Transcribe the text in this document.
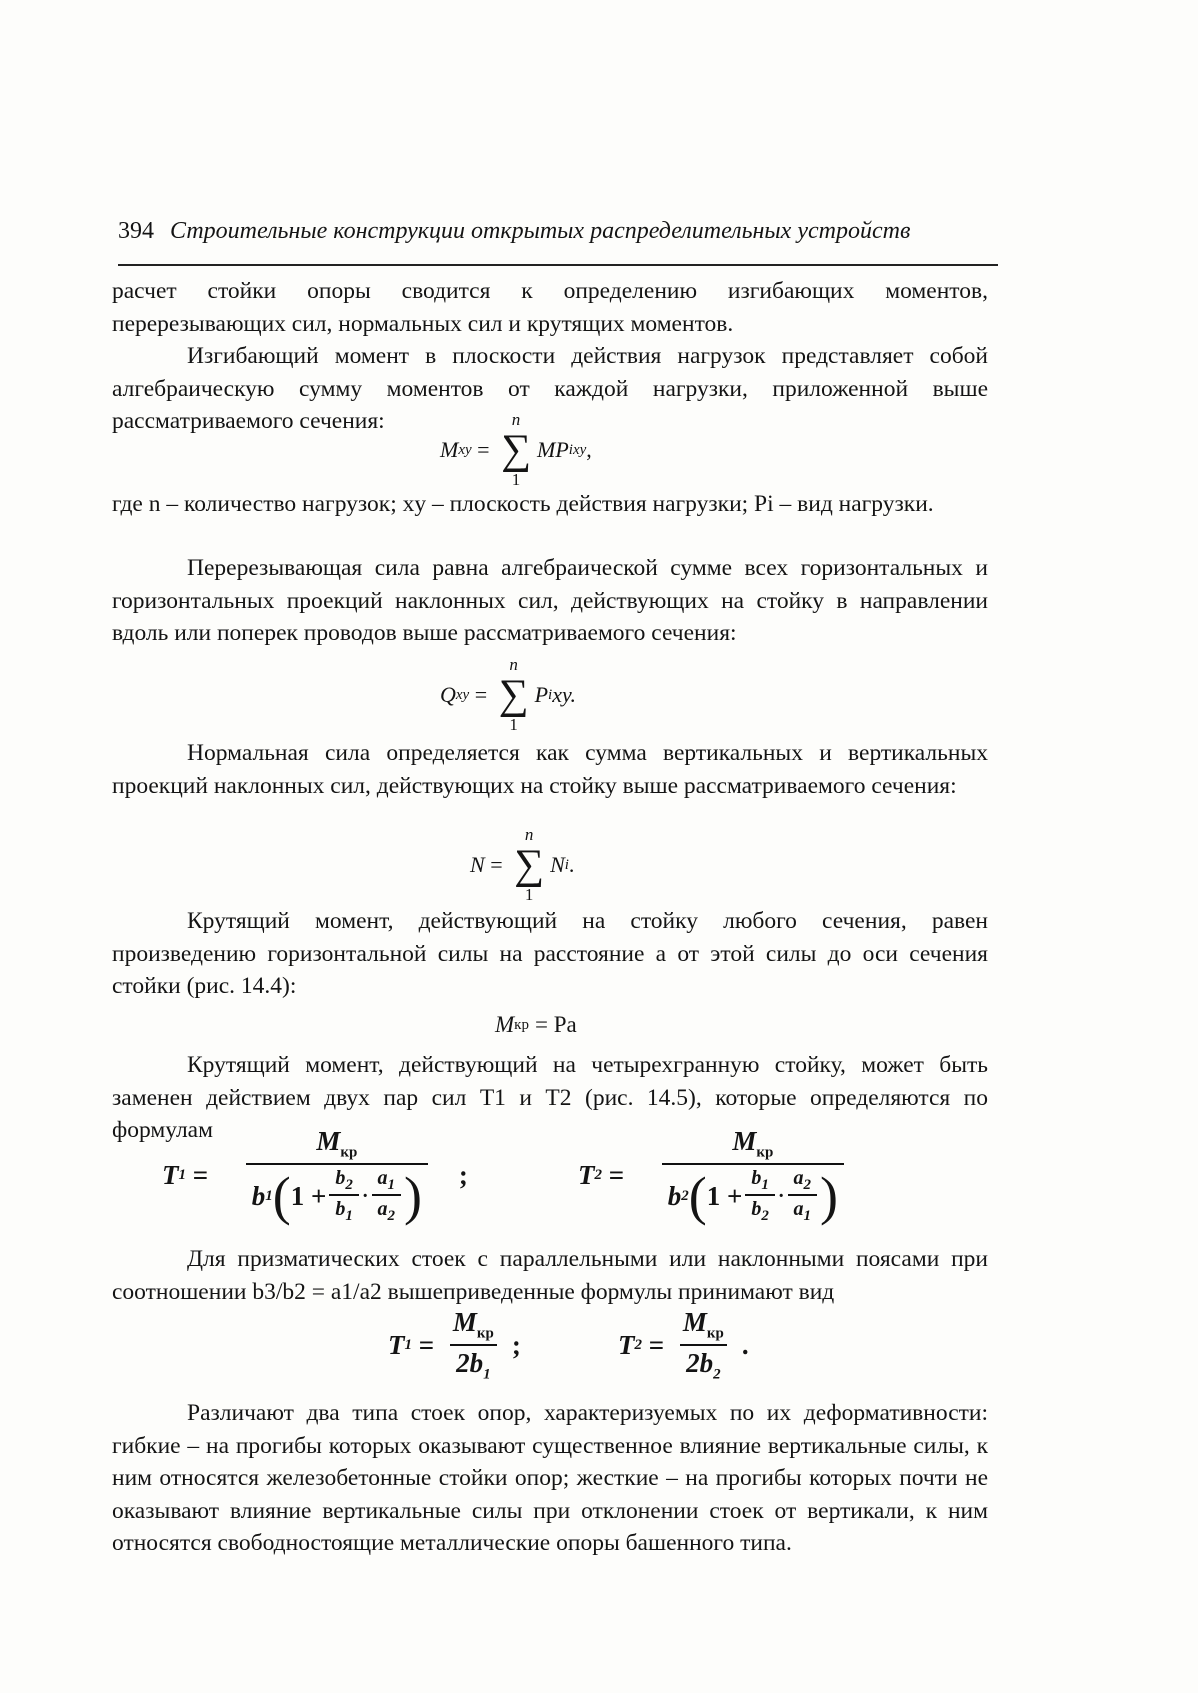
394 Строительные конструкции открытых распределительных устройств
расчет стойки опоры сводится к определению изгибающих моментов, перерезывающих сил, нормальных сил и крутящих моментов.
Изгибающий момент в плоскости действия нагрузок представляет собой алгебраическую сумму моментов от каждой нагрузки, приложенной выше рассматриваемого сечения:
M xy =
n
∑
1
MP ixy ,
где n – количество нагрузок; xy – плоскость действия нагрузки; Pi – вид нагрузки.
Перерезывающая сила равна алгебраической сумме всех горизонтальных и горизонтальных проекций наклонных сил, действующих на стойку в направлении вдоль или поперек проводов выше рассматриваемого сечения:
Q xy =
n
∑
1
P i xy.
Нормальная сила определяется как сумма вертикальных и вертикальных проекций наклонных сил, действующих на стойку выше рассматриваемого сечения:
N =
n
∑
1
N i .
Крутящий момент, действующий на стойку любого сечения, равен произведению горизонтальной силы на расстояние a от этой силы до оси сечения стойки (рис. 14.4):
M кр = Pa
Крутящий момент, действующий на четырехгранную стойку, может быть заменен действием двух пар сил T1 и T2 (рис. 14.5), которые определяются по формулам
T 1 =
$M_{кр}$
b 1 ( $1 + \frac{b_2}{b_1} \cdot \frac{a_1}{a_2}$ ) ;	T 2 =
$M_{кр}$
b 2 ( $1 + \frac{b_1}{b_2} \cdot \frac{a_2}{a_1}$ )
Для призматических стоек с параллельными или наклонными поясами при соотношении b3/b2 = a1/a2 вышеприведенные формулы принимают вид
T $1 = \frac{M_{кр}}{2b_1}$ ;	T $2 = \frac{M_{кр}}{2b_2}$ .
Различают два типа стоек опор, характеризуемых по их деформативности: гибкие – на прогибы которых оказывают существенное влияние вертикальные силы, к ним относятся железобетонные стойки опор; жесткие – на прогибы которых почти не оказывают влияние вертикальные силы при отклонении стоек от вертикали, к ним относятся свободностоящие металлические опоры башенного типа.
